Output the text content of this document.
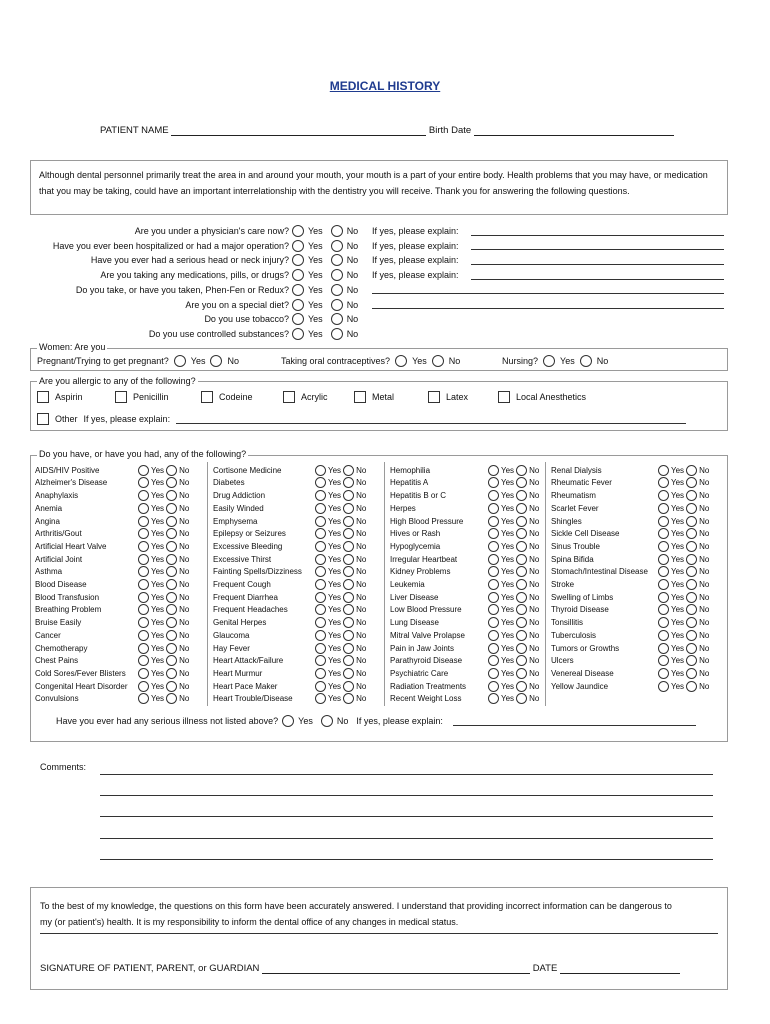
MEDICAL HISTORY
PATIENT NAME	Birth Date
Although dental personnel primarily treat the area in and around your mouth, your mouth is a part of your entire body. Health problems that you may have, or medication that you may be taking, could have an important interrelationship with the dentistry you will receive. Thank you for answering the following questions.
Are you under a physician's care now?	Yes	No If yes, please explain:
Have you ever been hospitalized or had a major operation?	Yes	No If yes, please explain:
Have you ever had a serious head or neck injury?	Yes	No If yes, please explain:
Are you taking any medications, pills, or drugs?	Yes	No If yes, please explain:
Do you take, or have you taken, Phen-Fen or Redux?	Yes	No
Are you on a special diet?	Yes	No
Do you use tobacco?	Yes	No
Do you use controlled substances?	Yes	No
Women: Are you
Pregnant/Trying to get pregnant? Yes No	Taking oral contraceptives? Yes No	Nursing? Yes No
Are you allergic to any of the following?
Aspirin	Penicillin	Codeine	Acrylic	Metal	Latex	Local Anesthetics
Other If yes, please explain:
Do you have, or have you had, any of the following?
AIDS/HIV Positive	Yes No
Alzheimer's Disease	Yes No
Anaphylaxis	Yes No
Anemia	Yes No
Angina	Yes No
Arthritis/Gout	Yes No
Artificial Heart Valve	Yes No
Artificial Joint	Yes No
Asthma	Yes No
Blood Disease	Yes No
Blood Transfusion	Yes No
Breathing Problem	Yes No
Bruise Easily	Yes No
Cancer	Yes No
Chemotherapy	Yes No
Chest Pains	Yes No
Cold Sores/Fever Blisters	Yes No
Congenital Heart Disorder	Yes No
Convulsions	Yes No
Cortisone Medicine	Yes No
Diabetes	Yes No
Drug Addiction	Yes No
Easily Winded	Yes No
Emphysema	Yes No
Epilepsy or Seizures	Yes No
Excessive Bleeding	Yes No
Excessive Thirst	Yes No
Fainting Spells/Dizziness	Yes No
Frequent Cough	Yes No
Frequent Diarrhea	Yes No
Frequent Headaches	Yes No
Genital Herpes	Yes No
Glaucoma	Yes No
Hay Fever	Yes No
Heart Attack/Failure	Yes No
Heart Murmur	Yes No
Heart Pace Maker	Yes No
Heart Trouble/Disease	Yes No
Hemophilia	Yes No
Hepatitis A	Yes No
Hepatitis B or C	Yes No
Herpes	Yes No
High Blood Pressure	Yes No
Hives or Rash	Yes No
Hypoglycemia	Yes No
Irregular Heartbeat	Yes No
Kidney Problems	Yes No
Leukemia	Yes No
Liver Disease	Yes No
Low Blood Pressure	Yes No
Lung Disease	Yes No
Mitral Valve Prolapse	Yes No
Pain in Jaw Joints	Yes No
Parathyroid Disease	Yes No
Psychiatric Care	Yes No
Radiation Treatments	Yes No
Recent Weight Loss	Yes No
Renal Dialysis	Yes No
Rheumatic Fever	Yes No
Rheumatism	Yes No
Scarlet Fever	Yes No
Shingles	Yes No
Sickle Cell Disease	Yes No
Sinus Trouble	Yes No
Spina Bifida	Yes No
Stomach/Intestinal Disease	Yes No
Stroke	Yes No
Swelling of Limbs	Yes No
Thyroid Disease	Yes No
Tonsillitis	Yes No
Tuberculosis	Yes No
Tumors or Growths	Yes No
Ulcers	Yes No
Venereal Disease	Yes No
Yellow Jaundice	Yes No
Have you ever had any serious illness not listed above? Yes	No If yes, please explain:
Comments:
To the best of my knowledge, the questions on this form have been accurately answered. I understand that providing incorrect information can be dangerous to my (or patient's) health. It is my responsibility to inform the dental office of any changes in medical status.
SIGNATURE OF PATIENT, PARENT, or GUARDIAN	DATE
